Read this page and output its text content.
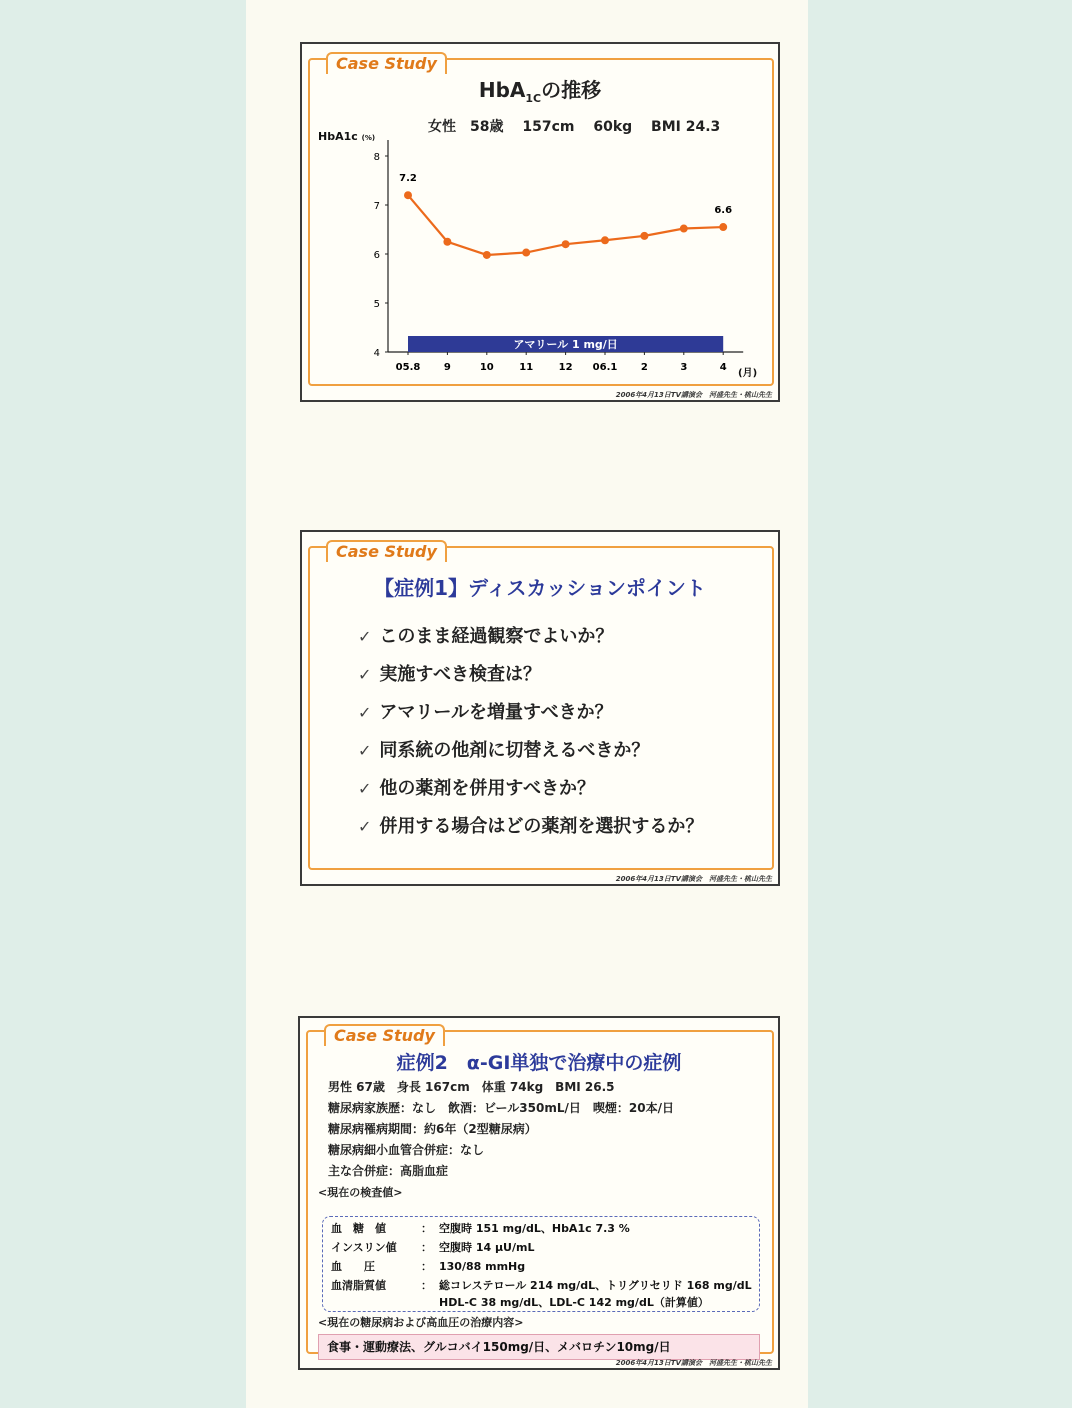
Case Study
HbA$_{1C}$の推移
女性　58歳　 157cm　 60kg　 BMI 24.3
HbA1c (%)
4
5
6
7
8
05.8 9	10	11	12 06.1 2	3	4
アマリール 1 mg/日
7.2
6.6
(月)
2006年4月13日TV講演会　河盛先生・桃山先生
Case Study
【症例1】ディスカッションポイント
✓ このまま経過観察でよいか？
✓ 実施すべき検査は？
✓ アマリールを増量すべきか？
✓ 同系統の他剤に切替えるべきか？
✓ 他の薬剤を併用すべきか？
✓ 併用する場合はどの薬剤を選択するか？
2006年4月13日TV講演会　河盛先生・桃山先生
Case Study
症例2　α-GI単独で治療中の症例
男性 67歳　身長 167cm　体重 74kg　BMI 26.5
糖尿病家族歴：なし　飲酒：ビール350mL/日　喫煙：20本/日
糖尿病罹病期間：約6年（2型糖尿病）
糖尿病細小血管合併症：なし
主な合併症：高脂血症
<現在の検査値>
血　糖　値	： 空腹時 151 mg/dL、HbA1c 7.3 %
インスリン値 ： 空腹時 14 μU/mL
血　　圧	： 130/88 mmHg
血清脂質値	： 総コレステロール 214 mg/dL、トリグリセリド 168 mg/dL
HDL-C 38 mg/dL、LDL-C 142 mg/dL（計算値）
<現在の糖尿病および高血圧の治療内容>
食事・運動療法、グルコバイ150mg/日、メバロチン10mg/日
2006年4月13日TV講演会　河盛先生・桃山先生
